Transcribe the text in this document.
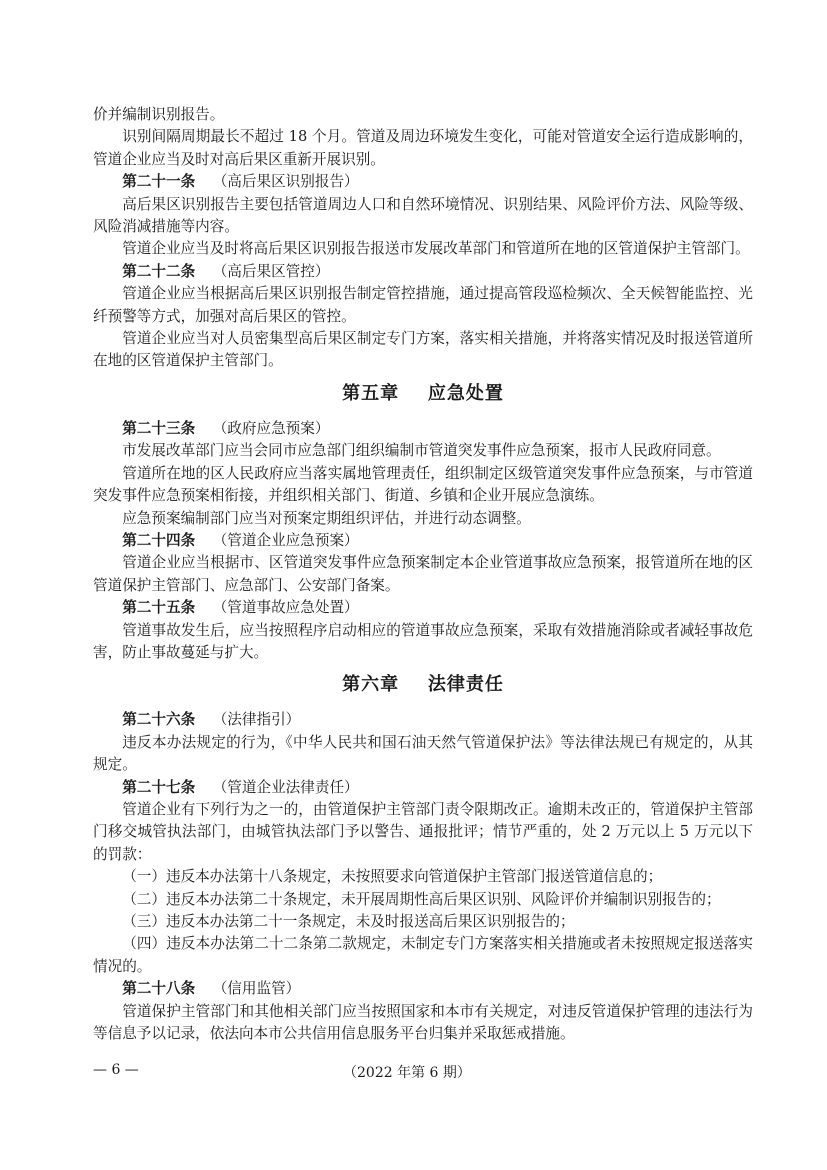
价并编制识别报告。

识别间隔周期最长不超过 18 个月。管道及周边环境发生变化，可能对管道安全运行造成影响的，管道企业应当及时对高后果区重新开展识别。

第二十一条 （高后果区识别报告）

高后果区识别报告主要包括管道周边人口和自然环境情况、识别结果、风险评价方法、风险等级、风险消减措施等内容。

管道企业应当及时将高后果区识别报告报送市发展改革部门和管道所在地的区管道保护主管部门。

第二十二条 （高后果区管控）

管道企业应当根据高后果区识别报告制定管控措施，通过提高管段巡检频次、全天候智能监控、光纤预警等方式，加强对高后果区的管控。

管道企业应当对人员密集型高后果区制定专门方案，落实相关措施，并将落实情况及时报送管道所在地的区管道保护主管部门。

第五章 应急处置

第二十三条 （政府应急预案）

市发展改革部门应当会同市应急部门组织编制市管道突发事件应急预案，报市人民政府同意。

管道所在地的区人民政府应当落实属地管理责任，组织制定区级管道突发事件应急预案，与市管道突发事件应急预案相衔接，并组织相关部门、街道、乡镇和企业开展应急演练。

应急预案编制部门应当对预案定期组织评估，并进行动态调整。

第二十四条 （管道企业应急预案）

管道企业应当根据市、区管道突发事件应急预案制定本企业管道事故应急预案，报管道所在地的区管道保护主管部门、应急部门、公安部门备案。

第二十五条 （管道事故应急处置）

管道事故发生后，应当按照程序启动相应的管道事故应急预案，采取有效措施消除或者减轻事故危害，防止事故蔓延与扩大。

第六章 法律责任

第二十六条 （法律指引）

违反本办法规定的行为，《中华人民共和国石油天然气管道保护法》等法律法规已有规定的，从其规定。

第二十七条 （管道企业法律责任）

管道企业有下列行为之一的，由管道保护主管部门责令限期改正。逾期未改正的，管道保护主管部门移交城管执法部门，由城管执法部门予以警告、通报批评；情节严重的，处 2 万元以上 5 万元以下的罚款：

（一）违反本办法第十八条规定，未按照要求向管道保护主管部门报送管道信息的；

（二）违反本办法第二十条规定，未开展周期性高后果区识别、风险评价并编制识别报告的；

（三）违反本办法第二十一条规定，未及时报送高后果区识别报告的；

（四）违反本办法第二十二条第二款规定，未制定专门方案落实相关措施或者未按照规定报送落实情况的。

第二十八条 （信用监管）

管道保护主管部门和其他相关部门应当按照国家和本市有关规定，对违反管道保护管理的违法行为等信息予以记录，依法向本市公共信用信息服务平台归集并采取惩戒措施。

— 6 —	（2022 年第 6 期）
